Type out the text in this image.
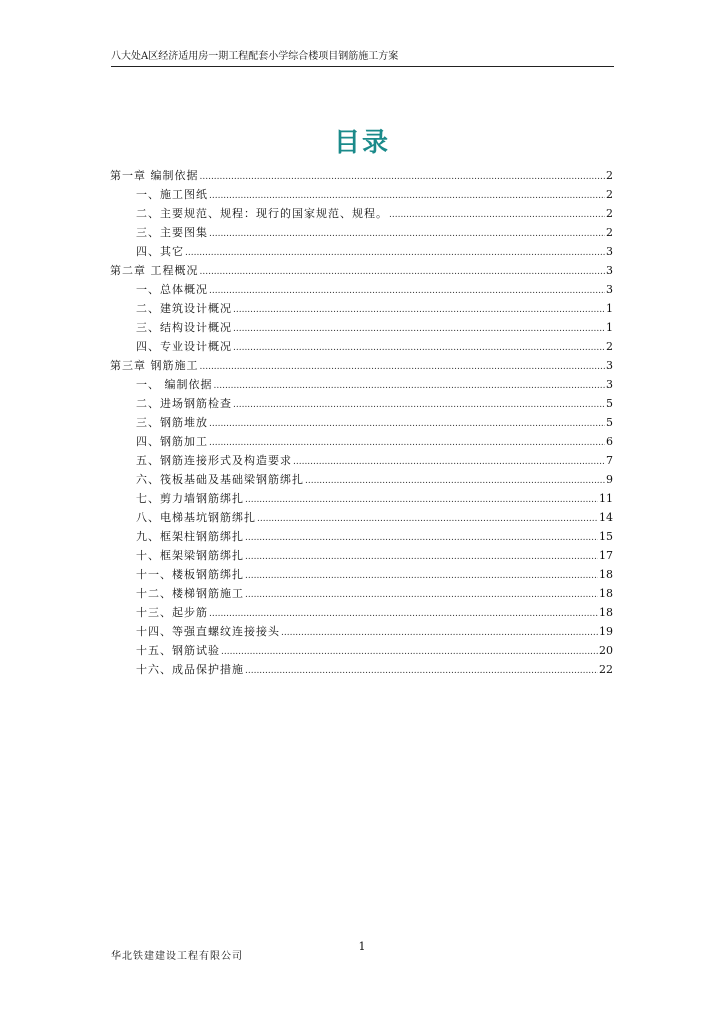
八大处A区经济适用房一期工程配套小学综合楼项目钢筋施工方案
目录
第一章 编制依据 .....	2
一、施工图纸 .....	2
二、主要规范、规程：现行的国家规范、规程。 .....	2
三、主要图集 .....	2
四、其它 .....	3
第二章 工程概况 .....	3
一、总体概况 .....	3
二、建筑设计概况 .....	1
三、结构设计概况 .....	1
四、专业设计概况 .....	2
第三章 钢筋施工 .....	3
一、 编制依据 .....	3
二、进场钢筋检查 .....	5
三、钢筋堆放 .....	5
四、钢筋加工 .....	6
五、钢筋连接形式及构造要求 .....	7
六、筏板基础及基础梁钢筋绑扎 .....	9
七、剪力墙钢筋绑扎 .....	11
八、电梯基坑钢筋绑扎 .....	14
九、框架柱钢筋绑扎 .....	15
十、框架梁钢筋绑扎 .....	17
十一、楼板钢筋绑扎 .....	18
十二、楼梯钢筋施工 .....	18
十三、起步筋 .....	18
十四、等强直螺纹连接接头 .....	19
十五、钢筋试验 .....	20
十六、成品保护措施 .....	22
1
华北铁建建设工程有限公司
